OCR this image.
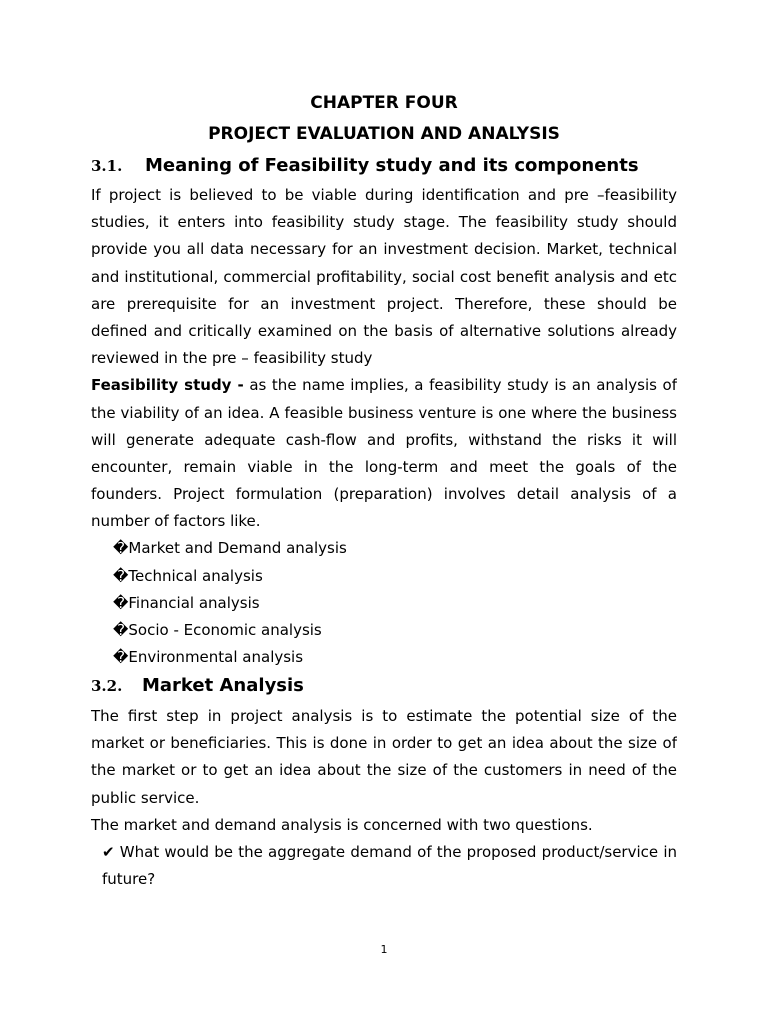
CHAPTER FOUR
PROJECT EVALUATION AND ANALYSIS
3.1. Meaning of Feasibility study and its components
If project is believed to be viable during identification and pre –feasibility
studies, it enters into feasibility study stage. The feasibility study should
provide you all data necessary for an investment decision. Market, technical
and institutional, commercial profitability, social cost benefit analysis and etc
are prerequisite for an investment project. Therefore, these should be
defined and critically examined on the basis of alternative solutions already
reviewed in the pre – feasibility study
Feasibility study - as the name implies, a feasibility study is an analysis of
the viability of an idea. A feasible business venture is one where the business
will generate adequate cash-flow and profits, withstand the risks it will
encounter, remain viable in the long-term and meet the goals of the
founders. Project formulation (preparation) involves detail analysis of a
number of factors like.
�Market and Demand analysis
�Technical analysis
�Financial analysis
�Socio - Economic analysis
�Environmental analysis
3.2. Market Analysis
The first step in project analysis is to estimate the potential size of the
market or beneficiaries. This is done in order to get an idea about the size of
the market or to get an idea about the size of the customers in need of the
public service.
The market and demand analysis is concerned with two questions.
✔ What would be the aggregate demand of the proposed product/service in
future?
1
